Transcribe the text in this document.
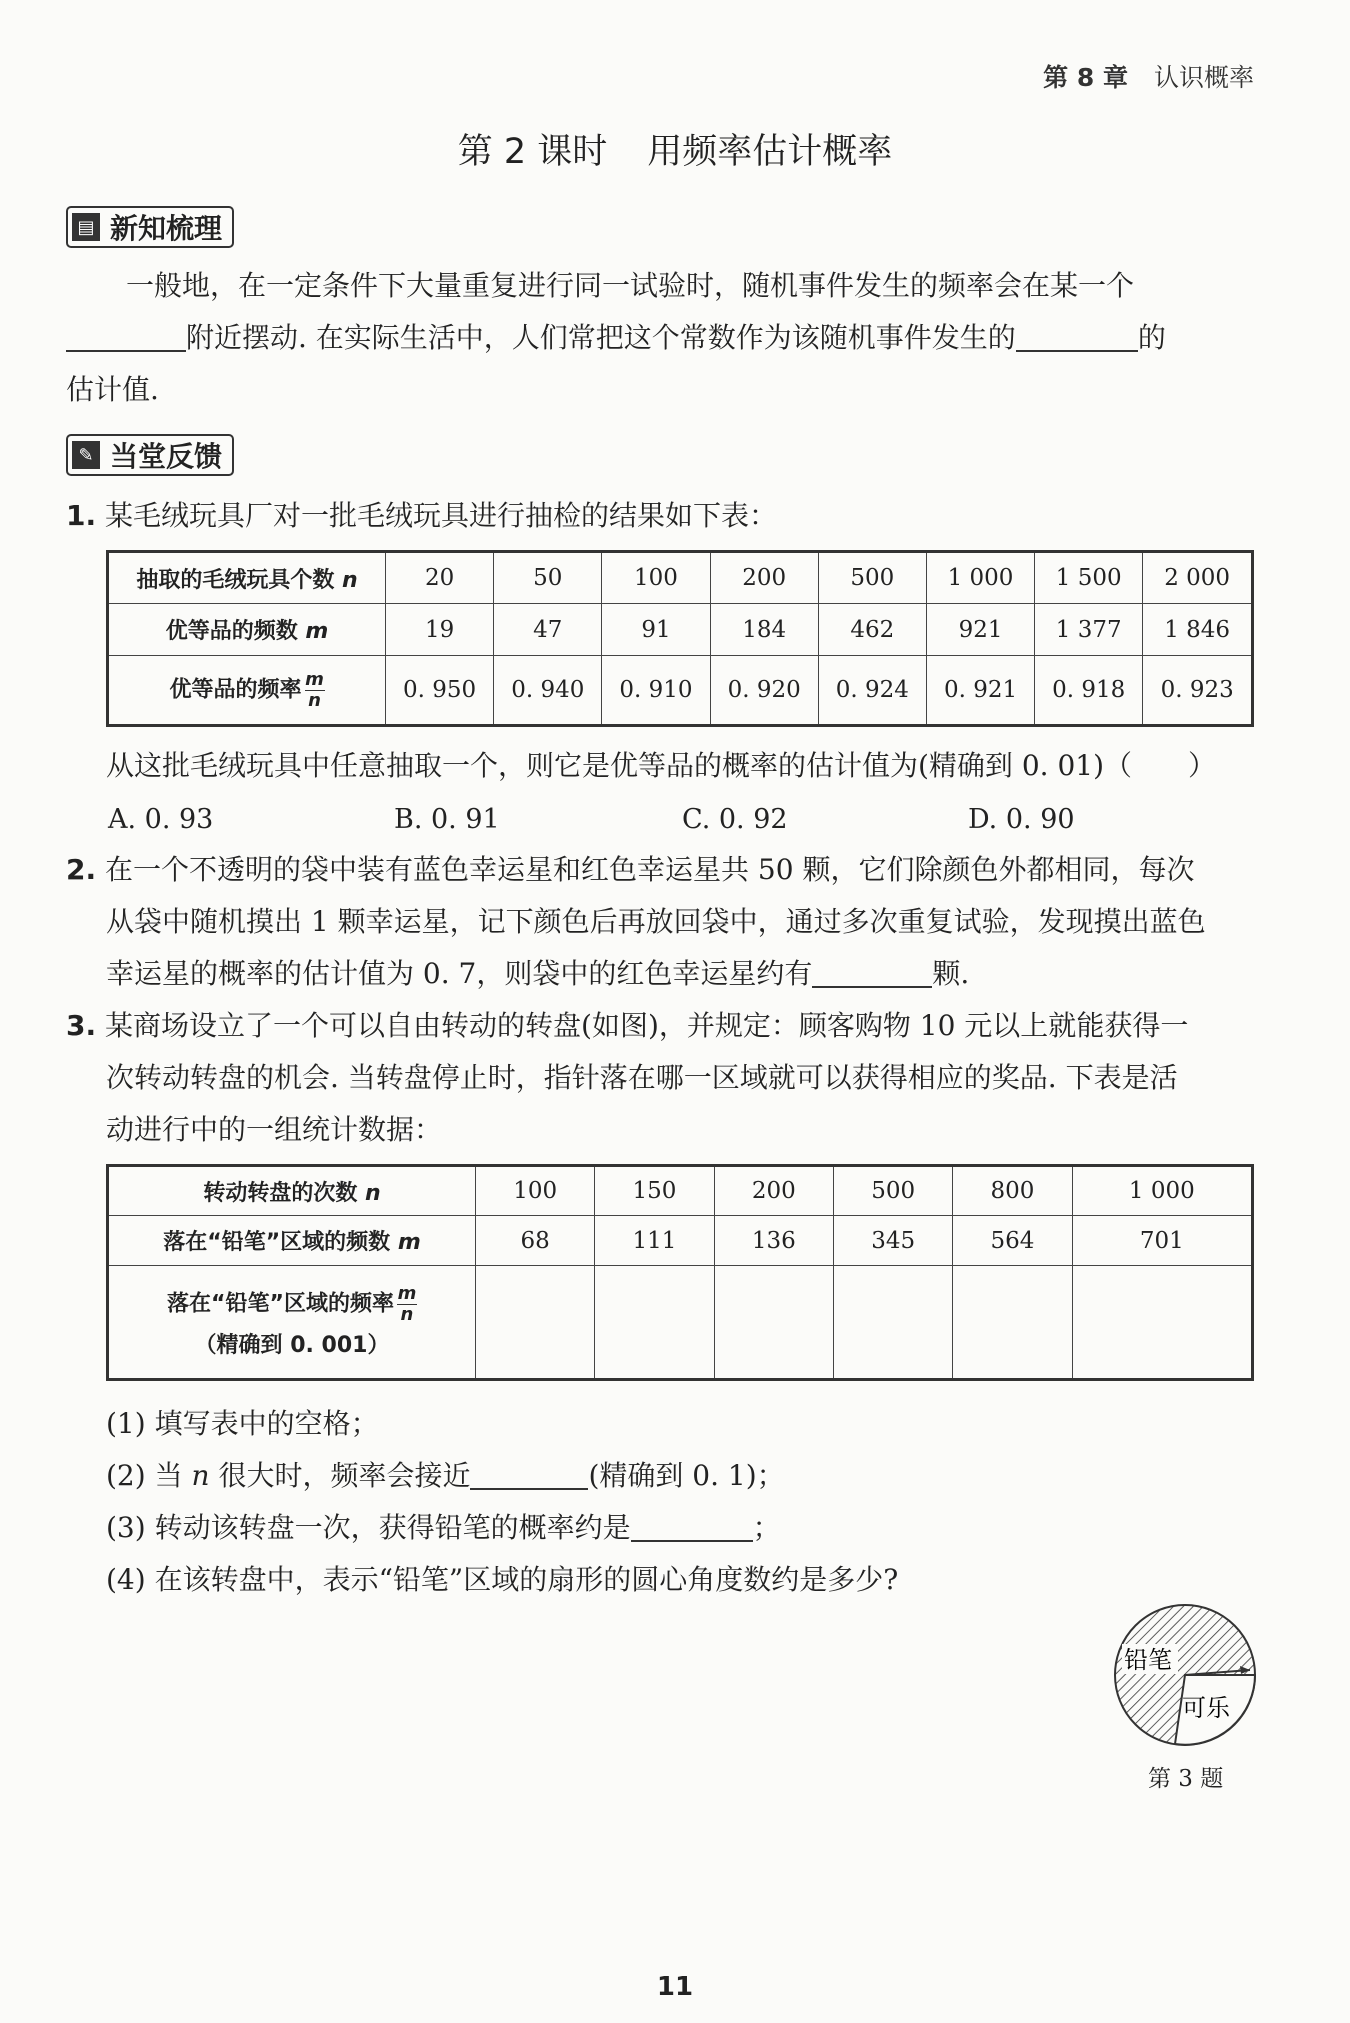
第 8 章 认识概率
第 2 课时 用频率估计概率
▤ 新知梳理
一般地，在一定条件下大量重复进行同一试验时，随机事件发生的频率会在某一个
附近摆动. 在实际生活中，人们常把这个常数作为该随机事件发生的	的
估计值.
✎ 当堂反馈
1. 某毛绒玩具厂对一批毛绒玩具进行抽检的结果如下表：
抽取的毛绒玩具个数 n	20	50	100	200	500	1 000	1 500	2 000
优等品的频数 m	19	47	91	184	462	921	1 377	1 846
优等品的频率 $\frac{m}{n}$	0. 950	0. 940	0. 910	0. 920	0. 924	0. 921	0. 918	0. 923
从这批毛绒玩具中任意抽取一个，则它是优等品的概率的估计值为(精确到 0. 01)（　　）
A. 0. 93	B. 0. 91	C. 0. 92	D. 0. 90
2. 在一个不透明的袋中装有蓝色幸运星和红色幸运星共 50 颗，它们除颜色外都相同，每次
从袋中随机摸出 1 颗幸运星，记下颜色后再放回袋中，通过多次重复试验，发现摸出蓝色
幸运星的概率的估计值为 0. 7，则袋中的红色幸运星约有	颗.
3. 某商场设立了一个可以自由转动的转盘(如图)，并规定：顾客购物 10 元以上就能获得一
次转动转盘的机会. 当转盘停止时，指针落在哪一区域就可以获得相应的奖品. 下表是活
动进行中的一组统计数据：
转动转盘的次数 n	100	150	200	500	800	1 000
落在“铅笔”区域的频数 m	68	111	136	345	564	701

落在“铅笔”区域的频率 $\frac{m}{n}$
（精确到 0. 001）						

(1) 填写表中的空格；
(2) 当 n 很大时，频率会接近	(精确到 0. 1)；
(3) 转动该转盘一次，获得铅笔的概率约是	；
(4) 在该转盘中，表示“铅笔”区域的扇形的圆心角度数约是多少?
铅笔
可乐
第 3 题
11
